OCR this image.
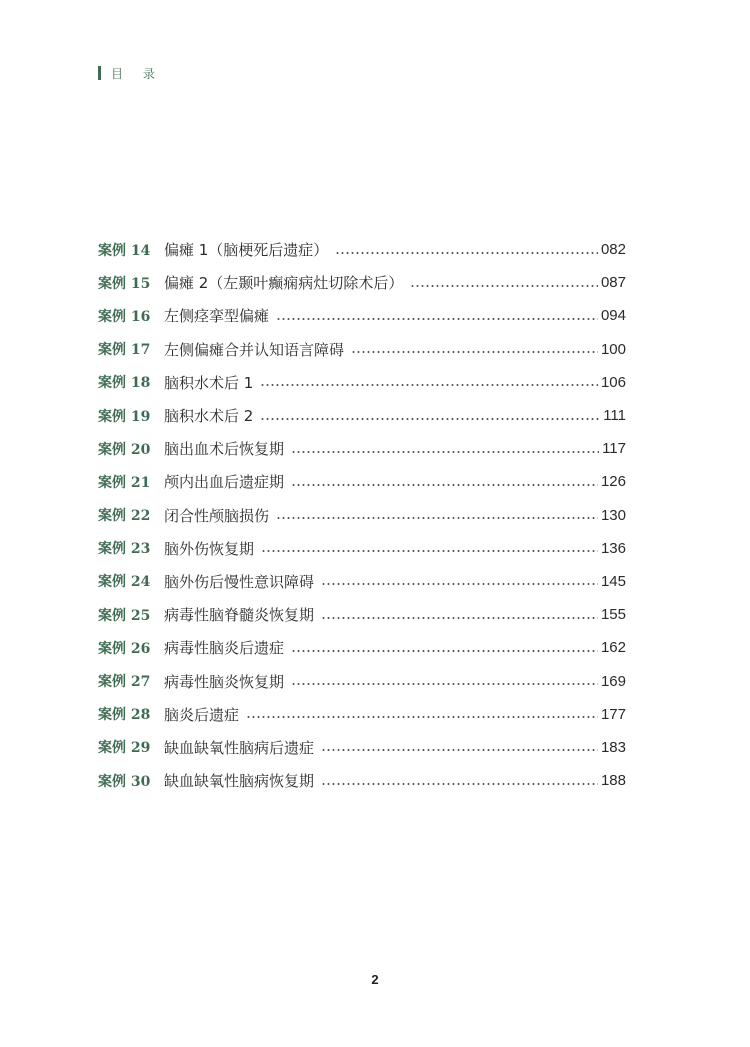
目 录
案例 14 偏瘫 1（脑梗死后遗症）	082
案例 15 偏瘫 2（左颞叶癫痫病灶切除术后）	087
案例 16 左侧痉挛型偏瘫	094
案例 17 左侧偏瘫合并认知语言障碍	100
案例 18 脑积水术后 1	106
案例 19 脑积水术后 2	111
案例 20 脑出血术后恢复期	117
案例 21 颅内出血后遗症期	126
案例 22 闭合性颅脑损伤	130
案例 23 脑外伤恢复期	136
案例 24 脑外伤后慢性意识障碍	145
案例 25 病毒性脑脊髓炎恢复期	155
案例 26 病毒性脑炎后遗症	162
案例 27 病毒性脑炎恢复期	169
案例 28 脑炎后遗症	177
案例 29 缺血缺氧性脑病后遗症	183
案例 30 缺血缺氧性脑病恢复期	188
2
